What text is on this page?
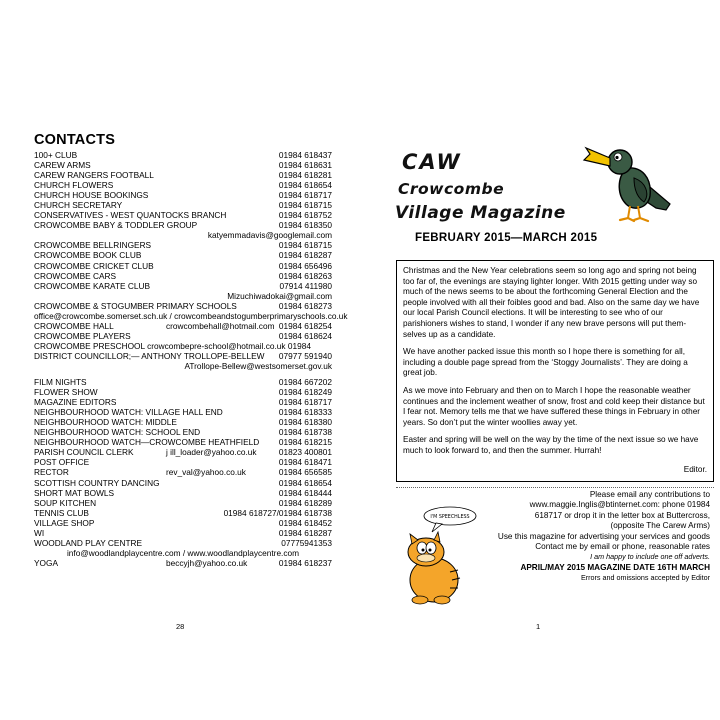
CONTACTS
100+ CLUB	01984 618437
CAREW ARMS	01984 618631
CAREW RANGERS FOOTBALL	01984 618281
CHURCH FLOWERS	01984 618654
CHURCH HOUSE BOOKINGS	01984 618717
CHURCH SECRETARY	01984 618715
CONSERVATIVES - WEST QUANTOCKS BRANCH	01984 618752
CROWCOMBE BABY & TODDLER GROUP	01984 618350
katyemmadavis@googlemail.com
CROWCOMBE BELLRINGERS	01984 618715
CROWCOMBE BOOK CLUB	01984 618287
CROWCOMBE CRICKET CLUB	01984 656496
CROWCOMBE CARS	01984 618263
CROWCOMBE KARATE CLUB	07914 411980
Mizuchiwadokai@gmail.com
CROWCOMBE & STOGUMBER PRIMARY SCHOOLS	01984 618273
office@crowcombe.somerset.sch.uk / crowcombeandstogumberprimaryschools.co.uk
CROWCOMBE HALL	crowcombehall@hotmail.com 01984 618254
CROWCOMBE PLAYERS	01984 618624
CROWCOMBE PRESCHOOL crowcombepre-school@hotmail.co.uk 01984
DISTRICT COUNCILLOR;— ANTHONY TROLLOPE-BELLEW 07977 591940
ATrollope-Bellew@westsomerset.gov.uk
FILM NIGHTS	01984 667202
FLOWER SHOW	01984 618249
MAGAZINE EDITORS	01984 618717
NEIGHBOURHOOD WATCH: VILLAGE HALL END	01984 618333
NEIGHBOURHOOD WATCH: MIDDLE	01984 618380
NEIGHBOURHOOD WATCH: SCHOOL END	01984 618738
NEIGHBOURHOOD WATCH—CROWCOMBE HEATHFIELD 01984 618215
PARISH COUNCIL CLERK	j ill_loader@yahoo.co.uk	01823 400801
POST OFFICE	01984 618471
RECTOR	rev_val@yahoo.co.uk	01984 656585
SCOTTISH COUNTRY DANCING	01984 618654
SHORT MAT BOWLS	01984 618444
SOUP KITCHEN	01984 618289
TENNIS CLUB	01984 618727/01984 618738
VILLAGE SHOP	01984 618452
WI	01984 618287
WOODLAND PLAY CENTRE	07775941353
info@woodlandplaycentre.com / www.woodlandplaycentre.com
YOGA	beccyjh@yahoo.co.uk	01984 618237
28
CAW
Crowcombe
Village Magazine
FEBRUARY 2015—MARCH 2015

Christmas and the New Year celebrations seem so long ago and spring not being too far of, the evenings are staying lighter longer. With 2015 getting under way so much of the news seems to be about the forthcoming General Election and the people involved with all their foibles good and bad. Also on the same day we have our local Parish Council elections. It will be interesting to see who of our parishioners wishes to stand, I wonder if any new brave persons will put them-selves up as a candidate.

We have another packed issue this month so I hope there is something for all, including a double page spread from the ‘Stoggy Journalists’. They are doing a great job.

As we move into February and then on to March I hope the reasonable weather continues and the inclement weather of snow, frost and cold keep their distance but I fear not. Memory tells me that we have suffered these things in February in other years. So don’t put the winter woollies away yet.

Easter and spring will be well on the way by the time of the next issue so we have much to look forward to, and then the summer. Hurrah!

Editor.
I'M SPEECHLESS
Please email any contributions to
www.maggie.Inglis@btinternet.com: phone 01984
618717 or drop it in the letter box at Buttercross,
(opposite The Carew Arms)
Use this magazine for advertising your services and goods
Contact me by email or phone, reasonable rates
I am happy to include one off adverts.
APRIL/MAY 2015 MAGAZINE DATE 16TH MARCH
Errors and omissions accepted by Editor
1
